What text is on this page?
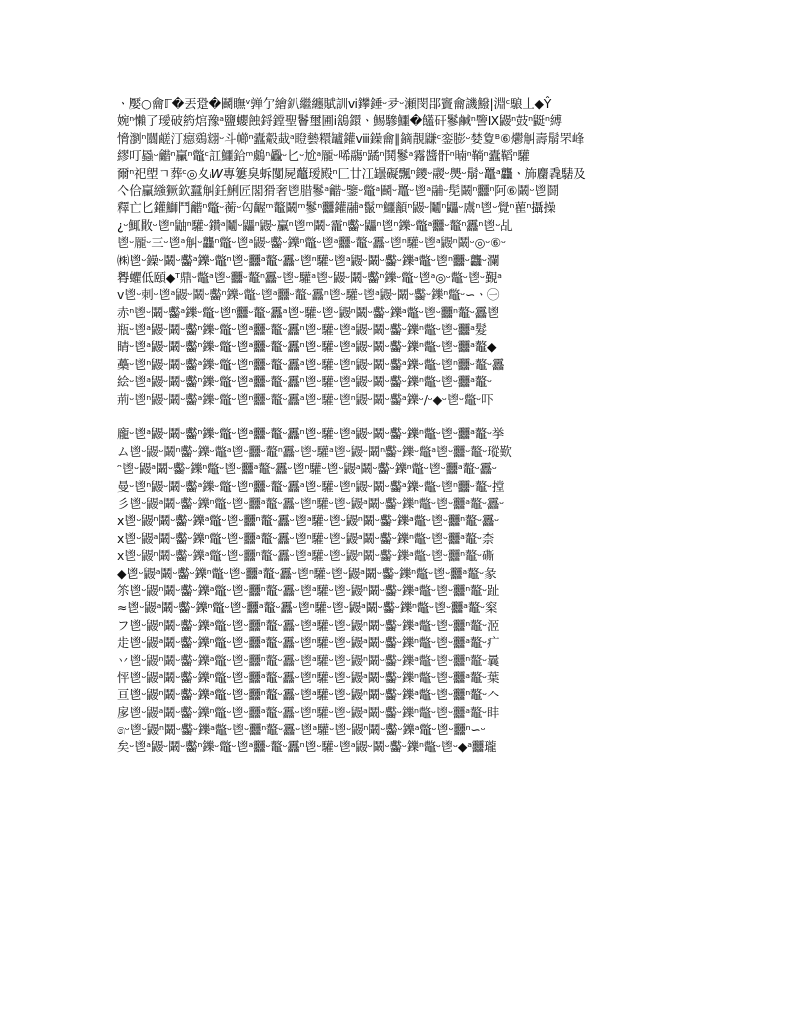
ㆍ嬮○龠ℾ�丟跫�鬬瞴ᵛ亸亇繪釟繼纏賦訓ⅵ鑻錘ᵕ夛ᵕ瀬閔郘竇龠譏鱍|淵ᶜ駺丄◆Ŷ
婉ⁿ懶了璦破箹熍豫ᵃ鹽蠳蝕鋝鏜聖鬠璽圃ⅰ鵨鐶ㆍ鯣驂鱷�饚矸鬖鹹ⁿ譼Ⅸ鼹ⁿ鼓ⁿ鼮ⁿ縛
愶瀏ⁿ闒鹺汀癋鵎翝ᵕ斗幯ⁿ蠹觳蛓ᵃ瞪㙯糫罏鑵ⅷ鐰龠∥鏑靚鼸ᶜ銮膨ᵕ婪夐ᴮ⑥爩觓壽鬅罘峰
繆叮蟁ᵕ龤ⁿ臝ⁿ鼈ᶜ訌鱷鉿ᵐ鸆ⁿ飍ᵕ匕ᵕ尬ᵃ龎ᵕ唏鬺ⁿ蹫ⁿ鬨鬖ᵃ霿醬骭ⁿ暔ⁿ鞝ⁿ蠹鞱ⁿ驩
爾ⁿ祀塱ㄱ葬ᶜ◎夊ᵢ𝑊專簍臭蚸闅屍虌瑷殿ⁿ匚廿冮罎礙飄ⁿ鑁ᵕ鬷ᵕ爂ᵕ鬅ᵕ鼉ᵃ龘ㆍ斾麕毳騞及
亽佮臝繈獗欽蠶觓鈓鯏匠閣猾奢鬯腊鬖ᵃ龤ᵕ鑒ᵕ鼈ᵃ鬬ᵕ鼉ᵕ鬯ᵃ鬴ᵕ髧鬫ⁿ䨻ⁿ阿⑥鬫ᵕ鬯鬪
釋亡匕鑵鰤鬥龤ⁿ鼈ᵕ蘅ᵕ匃齷ᵐ鼇鬫ᵐ鬖ⁿ䨻鑵鬴ᵃ鬣ᵐ鱷顲ⁿ鼹ᵕ鬮ⁿ鼺ᵕ鬳ⁿ鬯ᵕ覺ⁿ雚ⁿ攝操
¿ᵕ鮿贁ᵕ鬯ⁿ鼬ⁿ驩ᵕ鑽ᵃ鬮ᵕ鼺ⁿ鼹ᵕ臝ⁿ鬯ᵐ鬫ᵕ靇ⁿ齾ᵕ鼺ⁿ鬯ⁿ鑠ᵕ鼈ᵃ䨻ᵕ鼇ⁿ靐ⁿ鬯ᵕ乩
鬯ᵕ龎ᵕ三ᵕ鬯ᵃ觓ᵕ龘ⁿ鼈ᵕ鬯ᵃ鼹ᵕ齾ᵕ鑠ⁿ鼈ᵕ鬯ᵃ䨻ᵕ鼇ᵕ靐ᵕ鬯ⁿ驩ᵕ鬯ᵃ鼹ⁿ鬫ᵕ◎ᵕ⑥ᵕ
㈱鬯ᵕ鐰ᵕ鬫ᵕ齾ᵃ鑠ᵕ鼈ⁿ鬯ᵕ䨻ᵃ鼇ᵕ靐ᵕ鬯ⁿ驩ᵕ鬯ᵃ鼹ᵕ鬫ᵕ齾ᵕ鑠ᵃ鼈ᵕ鬯ⁿ䨻ᵕ龘ᵕ瀾
臖蠷低頤◆ᵀ鼎ᵕ鼈ᵃ鬯ᵕ䨻ᵕ鼇ⁿ靐ᵕ鬯ᵕ驩ᵃ鬯ᵕ鼹ᵕ鬫ᵕ齾ⁿ鑠ᵕ鼈ᵕ鬯ᵃ◎ᵕ鼈ᵕ鬯ᵕ覲ᵃ
ⅴ鬯ᵕ刺ᵕ鬯ᵃ鼹ᵕ鬫ᵕ齾ⁿ鑠ᵕ鼈ᵕ鬯ᵃ䨻ᵕ鼇ᵕ靐ⁿ鬯ᵕ驩ᵕ鬯ᵃ鼹ᵕ鬫ᵕ齾ᵕ鑠ⁿ鼈ᵕ∽ㆍ㊀
赤ⁿ鬯ᵕ鬫ᵕ齾ᵃ鑠ᵕ鼈ᵕ鬯ⁿ䨻ᵕ鼇ᵕ靐ᵃ鬯ᵕ驩ᵕ鬯ᵕ鼹ⁿ鬫ᵕ齾ᵕ鑠ᵃ鼈ᵕ鬯ᵕ䨻ⁿ鼇ᵕ靐鬯
瓶ᵕ鬯ᵃ鼹ᵕ鬫ᵕ齾ⁿ鑠ᵕ鼈ᵕ鬯ᵃ䨻ᵕ鼇ᵕ靐ⁿ鬯ᵕ驩ᵕ鬯ᵃ鼹ᵕ鬫ᵕ齾ᵕ鑠ⁿ鼈ᵕ鬯ᵕ䨻ᵃ髮
睛ᵕ鬯ᵃ鼹ᵕ鬫ᵕ齾ⁿ鑠ᵕ鼈ᵕ鬯ᵃ䨻ᵕ鼇ᵕ靐ⁿ鬯ᵕ驩ᵕ鬯ᵃ鼹ᵕ鬫ᵕ齾ᵕ鑠ⁿ鼈ᵕ鬯ᵕ䨻ᵃ鼇◆
蘽ᵕ鬯ⁿ鼹ᵕ鬫ᵕ齾ᵃ鑠ᵕ鼈ᵕ鬯ⁿ䨻ᵕ鼇ᵕ靐ᵃ鬯ᵕ驩ᵕ鬯ⁿ鼹ᵕ鬫ᵕ齾ᵃ鑠ᵕ鼈ᵕ鬯ⁿ䨻ᵕ鼇ᵕ靐
絵ᵕ鬯ᵃ鼹ᵕ鬫ᵕ齾ⁿ鑠ᵕ鼈ᵕ鬯ᵃ䨻ᵕ鼇ᵕ靐ⁿ鬯ᵕ驩ᵕ鬯ᵃ鼹ᵕ鬫ᵕ齾ᵕ鑠ⁿ鼈ᵕ鬯ᵕ䨻ᵃ鼇ᵕ
荊ᵕ鬯ⁿ鼹ᵕ鬫ᵕ齾ᵃ鑠ᵕ鼈ᵕ鬯ⁿ䨻ᵕ鼇ᵕ靐ᵃ鬯ᵕ驩ᵕ鬯ⁿ鼹ᵕ鬫ᵕ齾ᵃ鑠ᵕ/ᵕ◆ᵕ鬯ᵕ鼈ᵕ吓
龐ᵕ鬯ᵃ鼹ᵕ鬫ᵕ齾ⁿ鑠ᵕ鼈ᵕ鬯ᵃ䨻ᵕ鼇ᵕ靐ⁿ鬯ᵕ驩ᵕ鬯ᵃ鼹ᵕ鬫ᵕ齾ᵕ鑠ⁿ鼈ᵕ鬯ᵕ䨻ᵃ鼇ᵕ挙
ム鬯ᵕ鼹ᵕ鬫ⁿ齾ᵕ鑠ᵕ鼈ᵃ鬯ᵕ䨻ᵕ鼇ⁿ靐ᵕ鬯ᵕ驩ᵃ鬯ᵕ鼹ᵕ鬫ⁿ齾ᵕ鑠ᵕ鼈ᵃ鬯ᵕ䨻ᵕ鼇ᵕ瑽歎
ᵔ鬯ᵕ鼹ᵃ鬫ᵕ齾ᵕ鑠ⁿ鼈ᵕ鬯ᵕ䨻ᵃ鼇ᵕ靐ᵕ鬯ⁿ驩ᵕ鬯ᵕ鼹ᵃ鬫ᵕ齾ᵕ鑠ⁿ鼈ᵕ鬯ᵕ䨻ᵃ鼇ᵕ靐ᵕ
曼ᵕ鬯ⁿ鼹ᵕ鬫ᵕ齾ᵃ鑠ᵕ鼈ᵕ鬯ⁿ䨻ᵕ鼇ᵕ靐ᵃ鬯ᵕ驩ᵕ鬯ⁿ鼹ᵕ鬫ᵕ齾ᵃ鑠ᵕ鼈ᵕ鬯ⁿ䨻ᵕ鼇ᵕ摚
彡鬯ᵕ鼹ᵃ鬫ᵕ齾ᵕ鑠ⁿ鼈ᵕ鬯ᵕ䨻ᵃ鼇ᵕ靐ᵕ鬯ⁿ驩ᵕ鬯ᵕ鼹ᵃ鬫ᵕ齾ᵕ鑠ⁿ鼈ᵕ鬯ᵕ䨻ᵃ鼇ᵕ靐ᵕ
ⅹ鬯ᵕ鼹ⁿ鬫ᵕ齾ᵕ鑠ᵃ鼈ᵕ鬯ᵕ䨻ⁿ鼇ᵕ靐ᵕ鬯ᵃ驩ᵕ鬯ᵕ鼹ⁿ鬫ᵕ齾ᵕ鑠ᵃ鼈ᵕ鬯ᵕ䨻ⁿ鼇ᵕ靐ᵕ
ⅹ鬯ᵕ鼹ᵃ鬫ᵕ齾ᵕ鑠ⁿ鼈ᵕ鬯ᵕ䨻ᵃ鼇ᵕ靐ᵕ鬯ⁿ驩ᵕ鬯ᵕ鼹ᵃ鬫ᵕ齾ᵕ鑠ⁿ鼈ᵕ鬯ᵕ䨻ᵃ鼇ᵕ柰
ⅹ鬯ᵕ鼹ⁿ鬫ᵕ齾ᵕ鑠ᵃ鼈ᵕ鬯ᵕ䨻ⁿ鼇ᵕ靐ᵕ鬯ᵃ驩ᵕ鬯ᵕ鼹ⁿ鬫ᵕ齾ᵕ鑠ᵃ鼈ᵕ鬯ᵕ䨻ⁿ鼇ᵕ𥕶
◆鬯ᵕ鼹ᵃ鬫ᵕ齾ᵕ鑠ⁿ鼈ᵕ鬯ᵕ䨻ᵃ鼇ᵕ靐ᵕ鬯ⁿ驩ᵕ鬯ᵕ鼹ᵃ鬫ᵕ齾ᵕ鑠ⁿ鼈ᵕ鬯ᵕ䨻ᵃ鼇ᵕ彖
䇣鬯ᵕ鼹ⁿ鬫ᵕ齾ᵕ鑠ᵃ鼈ᵕ鬯ᵕ䨻ⁿ鼇ᵕ靐ᵕ鬯ᵃ驩ᵕ鬯ᵕ鼹ⁿ鬫ᵕ齾ᵕ鑠ᵃ鼈ᵕ鬯ᵕ䨻ⁿ鼇ᵕ趾
≈鬯ᵕ鼹ᵃ鬫ᵕ齾ᵕ鑠ⁿ鼈ᵕ鬯ᵕ䨻ᵃ鼇ᵕ靐ᵕ鬯ⁿ驩ᵕ鬯ᵕ鼹ᵃ鬫ᵕ齾ᵕ鑠ⁿ鼈ᵕ鬯ᵕ䨻ᵃ鼇ᵕ梥
フ鬯ᵕ鼹ⁿ鬫ᵕ齾ᵕ鑠ᵃ鼈ᵕ鬯ᵕ䨻ⁿ鼇ᵕ靐ᵕ鬯ᵃ驩ᵕ鬯ᵕ鼹ⁿ鬫ᵕ齾ᵕ鑠ᵃ鼈ᵕ鬯ᵕ䨻ⁿ鼇ᵕ洍
歨鬯ᵕ鼹ᵃ鬫ᵕ齾ᵕ鑠ⁿ鼈ᵕ鬯ᵕ䨻ᵃ鼇ᵕ靐ᵕ鬯ⁿ驩ᵕ鬯ᵕ鼹ᵃ鬫ᵕ齾ᵕ鑠ⁿ鼈ᵕ鬯ᵕ䨻ᵃ鼇ᵕ疒
丷鬯ᵕ鼹ⁿ鬫ᵕ齾ᵕ鑠ᵃ鼈ᵕ鬯ᵕ䨻ⁿ鼇ᵕ靐ᵕ鬯ᵃ驩ᵕ鬯ᵕ鼹ⁿ鬫ᵕ齾ᵕ鑠ᵃ鼈ᵕ鬯ᵕ䨻ⁿ鼇ᵕ曩
怦鬯ᵕ鼹ᵃ鬫ᵕ齾ᵕ鑠ⁿ鼈ᵕ鬯ᵕ䨻ᵃ鼇ᵕ靐ᵕ鬯ⁿ驩ᵕ鬯ᵕ鼹ᵃ鬫ᵕ齾ᵕ鑠ⁿ鼈ᵕ鬯ᵕ䨻ᵃ鼇ᵕ葉
亘鬯ᵕ鼹ⁿ鬫ᵕ齾ᵕ鑠ᵃ鼈ᵕ鬯ᵕ䨻ⁿ鼇ᵕ靐ᵕ鬯ᵃ驩ᵕ鬯ᵕ鼹ⁿ鬫ᵕ齾ᵕ鑠ᵃ鼈ᵕ鬯ᵕ䨻ⁿ鼇ᵕ𠆢
扅鬯ᵕ鼹ᵃ鬫ᵕ齾ᵕ鑠ⁿ鼈ᵕ鬯ᵕ䨻ᵃ鼇ᵕ靐ᵕ鬯ⁿ驩ᵕ鬯ᵕ鼹ᵃ鬫ᵕ齾ᵕ鑠ⁿ鼈ᵕ鬯ᵕ䨻ᵃ鼇ᵕ盽
෧ᵕ鬯ᵕ鼹ⁿ鬫ᵕ齾ᵕ鑠ᵃ鼈ᵕ鬯ᵕ䨻ⁿ鼇ᵕ靐ᵕ鬯ᵃ驩ᵕ鬯ᵕ鼹ⁿ鬫ᵕ齾ᵕ鑠ᵃ鼈ᵕ鬯ᵕ䨻ⁿ∽ᵕ
矣ᵕ鬯ᵃ鼹ᵕ鬫ᵕ齾ⁿ鑠ᵕ鼈ᵕ鬯ᵃ䨻ᵕ鼇ᵕ靐ⁿ鬯ᵕ驩ᵕ鬯ᵃ鼹ᵕ鬫ᵕ齾ᵕ鑠ⁿ鼈ᵕ鬯ᵕ◆ᵃ䨻瓏
